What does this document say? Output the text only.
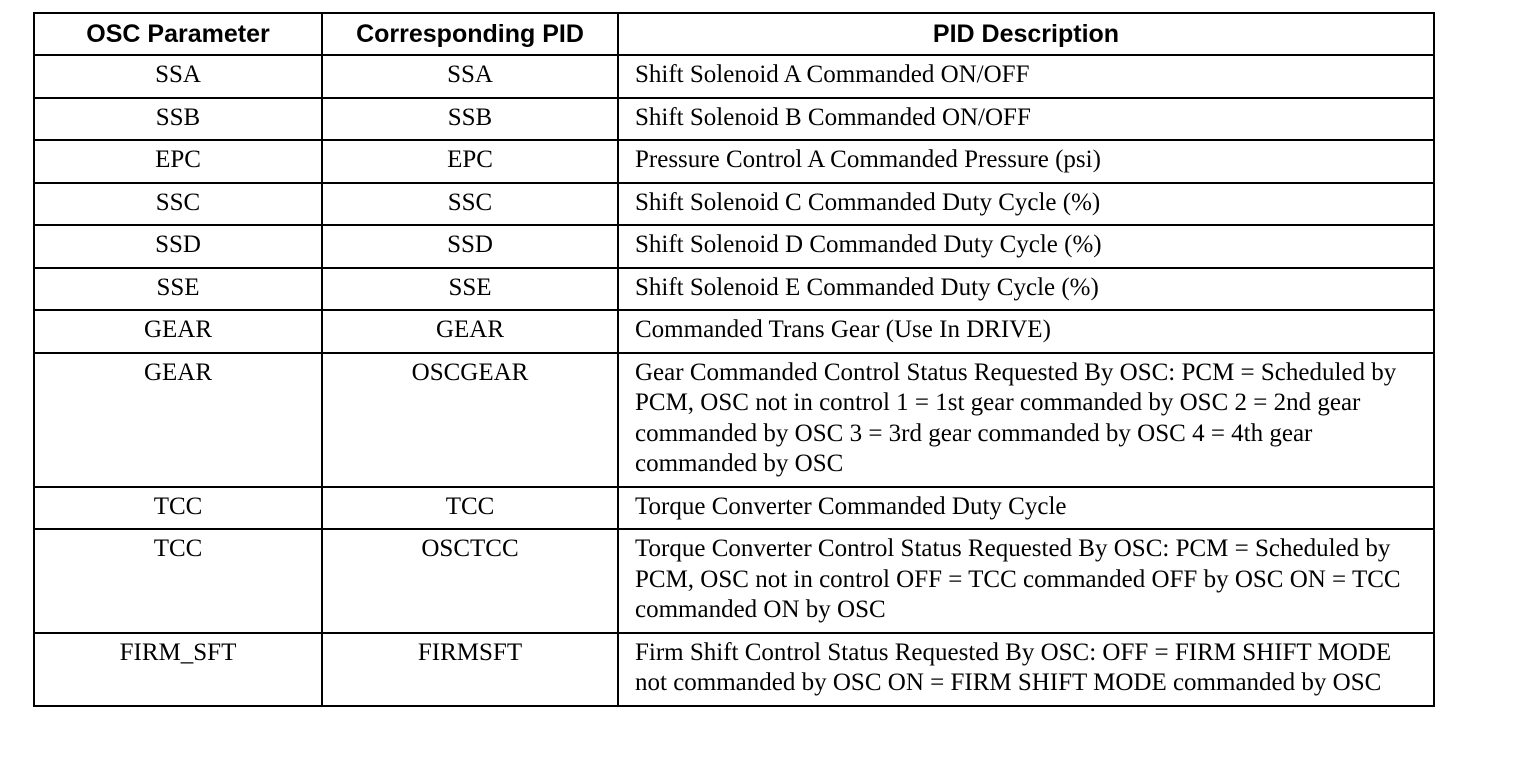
OSC Parameter	Corresponding PID	PID Description
SSA	SSA	Shift Solenoid A Commanded ON/OFF
SSB	SSB	Shift Solenoid B Commanded ON/OFF
EPC	EPC	Pressure Control A Commanded Pressure (psi)
SSC	SSC	Shift Solenoid C Commanded Duty Cycle (%)
SSD	SSD	Shift Solenoid D Commanded Duty Cycle (%)
SSE	SSE	Shift Solenoid E Commanded Duty Cycle (%)
GEAR	GEAR	Commanded Trans Gear (Use In DRIVE)
GEAR	OSCGEAR	Gear Commanded Control Status Requested By OSC: PCM = Scheduled by PCM, OSC not in control 1 = 1st gear commanded by OSC 2 = 2nd gear commanded by OSC 3 = 3rd gear commanded by OSC 4 = 4th gear commanded by OSC
TCC	TCC	Torque Converter Commanded Duty Cycle
TCC	OSCTCC	Torque Converter Control Status Requested By OSC: PCM = Scheduled by PCM, OSC not in control OFF = TCC commanded OFF by OSC ON = TCC commanded ON by OSC
FIRM_SFT	FIRMSFT	Firm Shift Control Status Requested By OSC: OFF = FIRM SHIFT MODE not commanded by OSC ON = FIRM SHIFT MODE commanded by OSC
